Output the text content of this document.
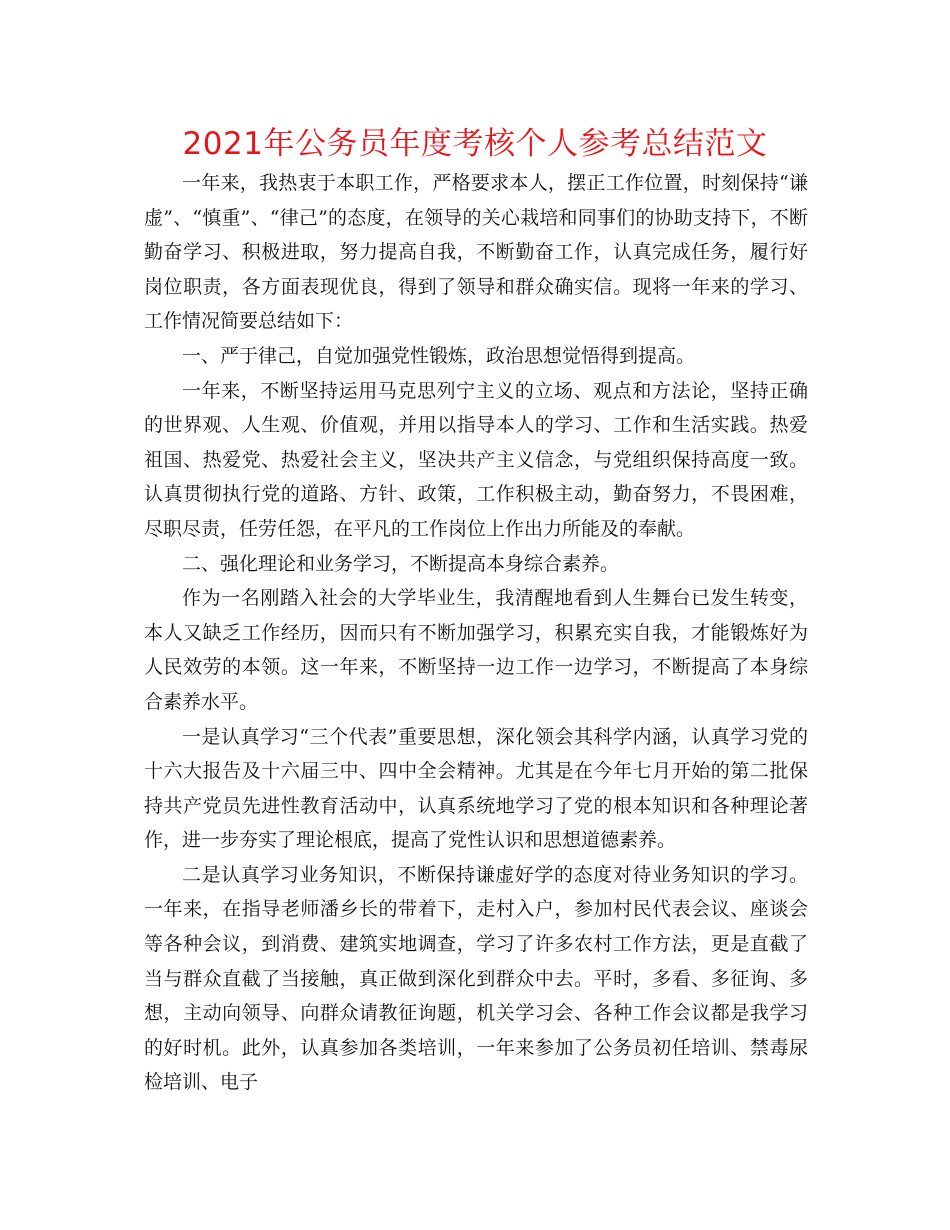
2021年公务员年度考核个人参考总结范文

一年来，我热衷于本职工作，严格要求本人，摆正工作位置，时刻保持“谦虚”、“慎重”、“律己”的态度，在领导的关心栽培和同事们的协助支持下，不断勤奋学习、积极进取，努力提高自我，不断勤奋工作，认真完成任务，履行好岗位职责，各方面表现优良，得到了领导和群众确实信。现将一年来的学习、工作情况简要总结如下：

一、严于律己，自觉加强党性锻炼，政治思想觉悟得到提高。

一年来，不断坚持运用马克思列宁主义的立场、观点和方法论，坚持正确的世界观、人生观、价值观，并用以指导本人的学习、工作和生活实践。热爱祖国、热爱党、热爱社会主义，坚决共产主义信念，与党组织保持高度一致。认真贯彻执行党的道路、方针、政策，工作积极主动，勤奋努力，不畏困难，尽职尽责，任劳任怨，在平凡的工作岗位上作出力所能及的奉献。

二、强化理论和业务学习，不断提高本身综合素养。

作为一名刚踏入社会的大学毕业生，我清醒地看到人生舞台已发生转变，本人又缺乏工作经历，因而只有不断加强学习，积累充实自我，才能锻炼好为人民效劳的本领。这一年来，不断坚持一边工作一边学习，不断提高了本身综合素养水平。

一是认真学习“三个代表”重要思想，深化领会其科学内涵，认真学习党的十六大报告及十六届三中、四中全会精神。尤其是在今年七月开始的第二批保持共产党员先进性教育活动中，认真系统地学习了党的根本知识和各种理论著作，进一步夯实了理论根底，提高了党性认识和思想道德素养。

二是认真学习业务知识，不断保持谦虚好学的态度对待业务知识的学习。一年来，在指导老师潘乡长的带着下，走村入户，参加村民代表会议、座谈会等各种会议，到消费、建筑实地调查，学习了许多农村工作方法，更是直截了当与群众直截了当接触，真正做到深化到群众中去。平时，多看、多征询、多想，主动向领导、向群众请教征询题，机关学习会、各种工作会议都是我学习的好时机。此外，认真参加各类培训，一年来参加了公务员初任培训、禁毒尿检培训、电子
